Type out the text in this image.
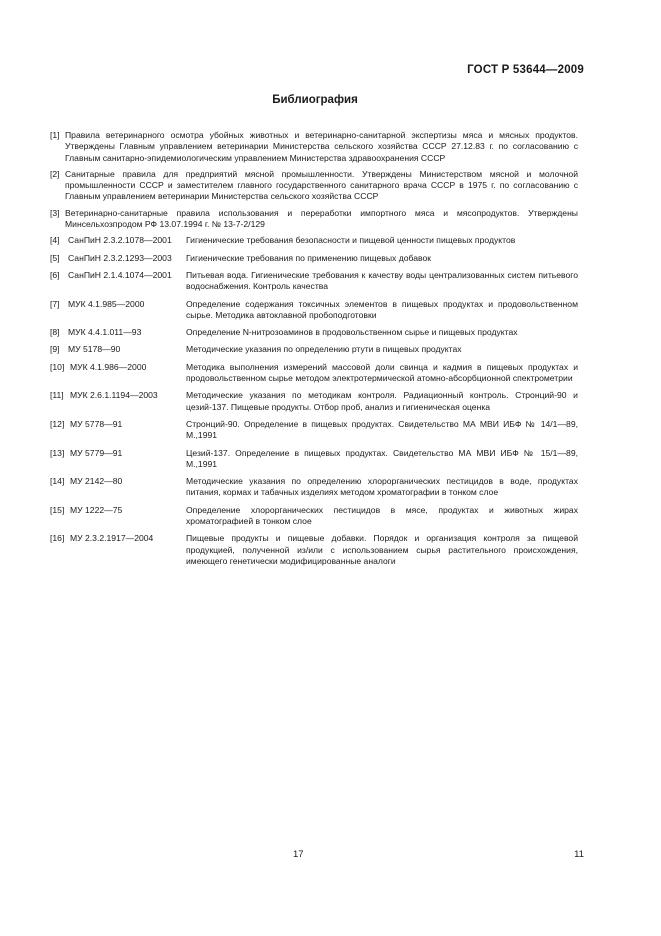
ГОСТ Р 53644—2009
Библиография
[1] Правила ветеринарного осмотра убойных животных и ветеринарно-санитарной экспертизы мяса и мясных продуктов. Утверждены Главным управлением ветеринарии Министерства сельского хозяйства СССР 27.12.83 г. по согласованию с Главным санитарно-эпидемиологическим управлением Министерства здравоохранения СССР
[2] Санитарные правила для предприятий мясной промышленности. Утверждены Министерством мясной и молочной промышленности СССР и заместителем главного государственного санитарного врача СССР в 1975 г. по согласованию с Главным управлением ветеринарии Министерства сельского хозяйства СССР
[3] Ветеринарно-санитарные правила использования и переработки импортного мяса и мясопродуктов. Утверждены Минсельхозпродом РФ 13.07.1994 г. № 13-7-2/129
[4] СанПиН 2.3.2.1078—2001	Гигиенические требования безопасности и пищевой ценности пищевых продуктов
[5] СанПиН 2.3.2.1293—2003	Гигиенические требования по применению пищевых добавок
[6] СанПиН 2.1.4.1074—2001	Питьевая вода. Гигиенические требования к качеству воды централизованных систем питьевого водоснабжения. Контроль качества
[7] МУК 4.1.985—2000	Определение содержания токсичных элементов в пищевых продуктах и продовольственном сырье. Методика автоклавной пробоподготовки
[8] МУК 4.4.1.011—93	Определение N-нитрозоаминов в продовольственном сырье и пищевых продуктах
[9] МУ 5178—90	Методические указания по определению ртути в пищевых продуктах
[10] МУК 4.1.986—2000	Методика выполнения измерений массовой доли свинца и кадмия в пищевых продуктах и продовольственном сырье методом электротермической атомно-абсорбционной спектрометрии
[11] МУК 2.6.1.1194—2003	Методические указания по методикам контроля. Радиационный контроль. Стронций-90 и цезий-137. Пищевые продукты. Отбор проб, анализ и гигиеническая оценка
[12] МУ 5778—91	Стронций-90. Определение в пищевых продуктах. Свидетельство МА МВИ ИБФ № 14/1—89, М.,1991
[13] МУ 5779—91	Цезий-137. Определение в пищевых продуктах. Свидетельство МА МВИ ИБФ № 15/1—89, М.,1991
[14] МУ 2142—80	Методические указания по определению хлорорганических пестицидов в воде, продуктах питания, кормах и табачных изделиях методом хроматографии в тонком слое
[15] МУ 1222—75	Определение хлорорганических пестицидов в мясе, продуктах и животных жирах хроматографией в тонком слое
[16] МУ 2.3.2.1917—2004	Пищевые продукты и пищевые добавки. Порядок и организация контроля за пищевой продукцией, полученной из/или с использованием сырья растительного происхождения, имеющего генетически модифицированные аналоги
17	11
